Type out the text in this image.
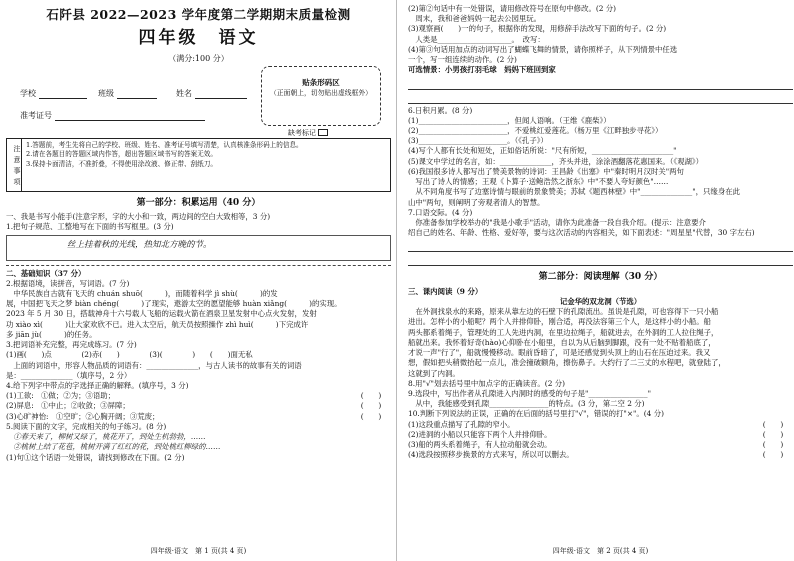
石阡县 2022—2023 学年度第二学期期末质量检测
四年级　语文
（满分:100 分）
学校	班级	姓名
准考证号
贴条形码区
（正面朝上，切勿贴出虚线框外）
缺考标记
注意事项 1.答题前，考生先将自己的学校、班级、姓名、准考证号填写清楚，认真核准条形码上的信息。
2.请在各题目的答题区域内作答，超出答题区域书写的答案无效。
3.保持卡面清洁，不准折叠，不得使用涂改液、修正带、刮纸刀。
第一部分：积累运用（40 分）
一、我是书写小能手(注意字形，字的大小和一致，两边间的空白大致相等，3 分)
1.把句子规范、工整地写在下面的书写框里。(3 分)
丝上挂着秋的光线，热知北方晚的节。
二、基础知识（37 分）
2.根据语境，读拼音，写词语。(7 分)
　中华民族自古就有飞天的 chuán shuō(　　　)，而随着科学 jì shù(　　　)的发
展，中国把飞天之梦 biàn chéng(　　　)了现实，遨游太空的愿望能够 huàn xiǎng(　　　)的实现。
2023 年 5 月 30 日，搭载神舟十六号载人飞船的运载火箭在酒泉卫星发射中心点火发射，发射
功 xiào xì(　　　)让大家欢欣不已。进入太空后，航天员按照操作 zhì huì(　　　)下完成许
多 jiān jù(　　　)的任务。
3.把词语补充完整，再完成练习。(7 分)
(1)画(　　)点　　　　(2)赤(　　)　　　　(3)(　　　　)　　(　　)面无私
　上面的词语中，形容人物品质的词语有：______________，与古人读书的故事有关的词语
是：______________（填序号，2 分）
4.给下列字中带点的字选择正确的解释。(填序号，3 分)
(1)工欲:　①做；②为；③语助；	(　　)
(2)屏息:　①中止；②收敛；③屏障；	(　　)
(3)心旷神怡:　①空旷；②心胸开阔；③荒废；	(　　)
5.阅读下面的文字，完成相关的句子练习。(8 分)
　①春天来了，柳树又绿了，桃花开了，到处生机勃勃，……
　②桃树上结了花苞，桃树开满了红红的花，到处桃红柳绿的……
(1)句①这个话语一处错误，请找到修改在下面。(2 分)
四年级·语文　第 1 页(共 4 页)
(2)第②句话中有一处错误，请用修改符号在原句中修改。(2 分)
　周末，我和爸爸妈妈一起去公园里玩。
(3)观察画(　　)一的句子，根据你的发现，用修辞手法改写下面的句子。(2 分)
　人类是____________________。　改写：
(4)第③句话用加点的动词写出了蝴蝶飞舞的情景，请你照样子，从下列情景中任选
一个，写一组连续的动作。(2 分)
可选情景：小男孩打羽毛球　妈妈下班回到家
6.日积月累。(8 分)
(1)________________________，但闻人语响。（王维《鹿柴》）
(2)________________________，不爱桃红爱莲花。（杨万里《江畔独步寻花》）
(3)________________________。（《孔子》）
(4)写个人都有长处和短处，正如俗话所说："尺有所短，______________________"
(5)课文中学过的名言，如：______________，齐头并进，涂涂酒翻落花惠国来。（《观湖》）
(6)我国很多诗人都写出了赞美景物的诗词：王昌龄《出塞》中"秦时明月汉时关"两句
　写出了诗人的情感；王观《卜算子·送鲍浩然之浙东》中"不要人夸好颜色"……
　从不同角度书写了边塞诗情与眼前的景象赞美；苏轼《题西林壁》中"______________"，只缘身在此
山中"两句，则阐明了旁观者清人的智慧。
7.口语交际。(4 分)
　你准备参加学校举办的"我是小歌手"活动，请你为此准备一段自我介绍。(提示：注意要介
绍自己的姓名、年龄、性格、爱好等，要与这次活动的内容相关，如下面表述："周星星"代替，30 字左右)
第二部分：阅读理解（30 分）
三、课内阅读（9 分）
记金华的双龙洞（节选）
　在外洞找泉水的来路，原来从靠左边的石壁下的孔隙流出。虽说是孔隙，可也容得下一只小船
进出。怎样小的小船呢？两个人并排仰卧，刚合适，再没法容第三个人，是这样小的小船。船
两头都系着绳子，管理处的工人先进内洞，在里边拉绳子，船就进去，在外洞的工人拉住绳子，
船就出来。我怀着好奇(hào)心仰卧在小船里，自以为从后脑到脚跟，没有一处不贴着船底了，
才说一声"行了"，船就慢慢移动。眼前昏暗了，可是还感觉到头顶上的山石在压迫过来。我又
想，假如把头稍微抬起一点儿，准会撞破额角，擦伤鼻子。大约行了二三丈的水程吧，就登陆了，
这就到了内洞。
8.用"√"划去括号里中加点字的正确读音。(2 分)
9.选段中，写出作者从孔隙进入内洞时的感受的句子是"________________"
　从中，我能感受到孔隙________________的特点。(3 分，第二空 2 分)
10.判断下列说法的正误，正确的在后面的括号里打"√"，错误的打"×"。(4 分)
(1)这段重点描写了孔隙的窄小。	(　　)
(2)进洞的小船以只能容下两个人并排仰卧。	(　　)
(3)船的两头系着绳子，有人拉动船就会动。	(　　)
(4)选段按照移步换景的方式来写，所以可以删去。	(　　)
四年级·语文　第 2 页(共 4 页)
